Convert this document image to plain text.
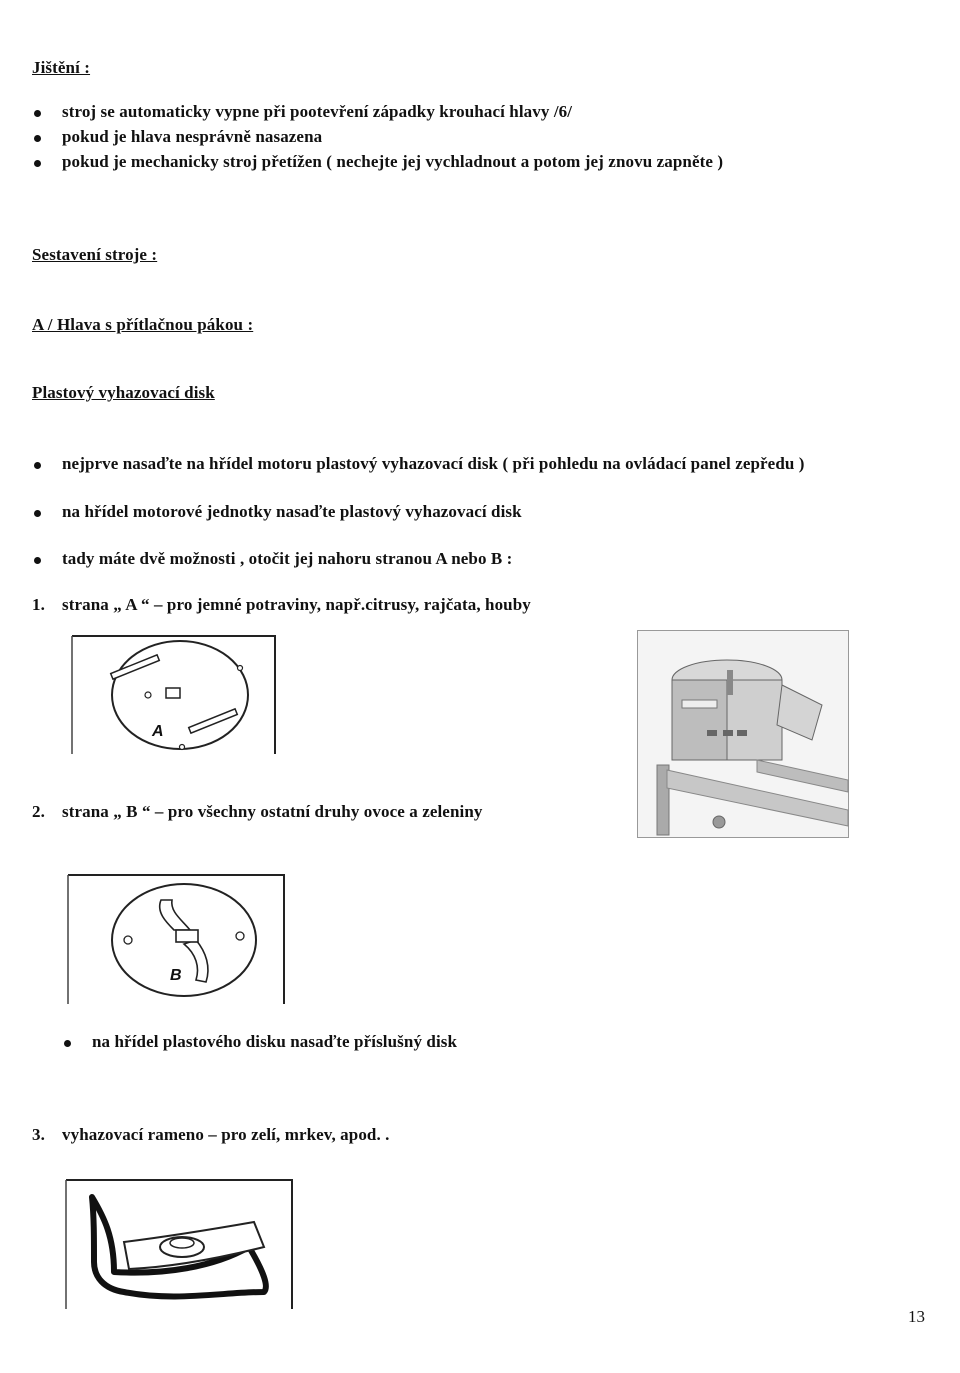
Jištění :
stroj se automaticky vypne při pootevření západky krouhací hlavy /6/
pokud je hlava nesprávně nasazena
pokud je mechanicky stroj přetížen ( nechejte jej vychladnout a potom jej znovu zapněte )
Sestavení stroje :
A / Hlava s přítlačnou pákou :
Plastový vyhazovací disk
nejprve nasaďte na hřídel motoru plastový vyhazovací disk ( při pohledu na ovládací panel zepředu )
na hřídel motorové jednotky nasaďte plastový vyhazovací disk
tady máte dvě možnosti , otočit jej nahoru stranou A nebo B :
1. strana „ A “ – pro jemné potraviny, např.citrusy, rajčata, houby
A
2. strana „ B “ – pro všechny ostatní druhy ovoce a zeleniny
B
na hřídel plastového disku nasaďte příslušný disk
3. vyhazovací rameno – pro zelí, mrkev, apod. .
13
